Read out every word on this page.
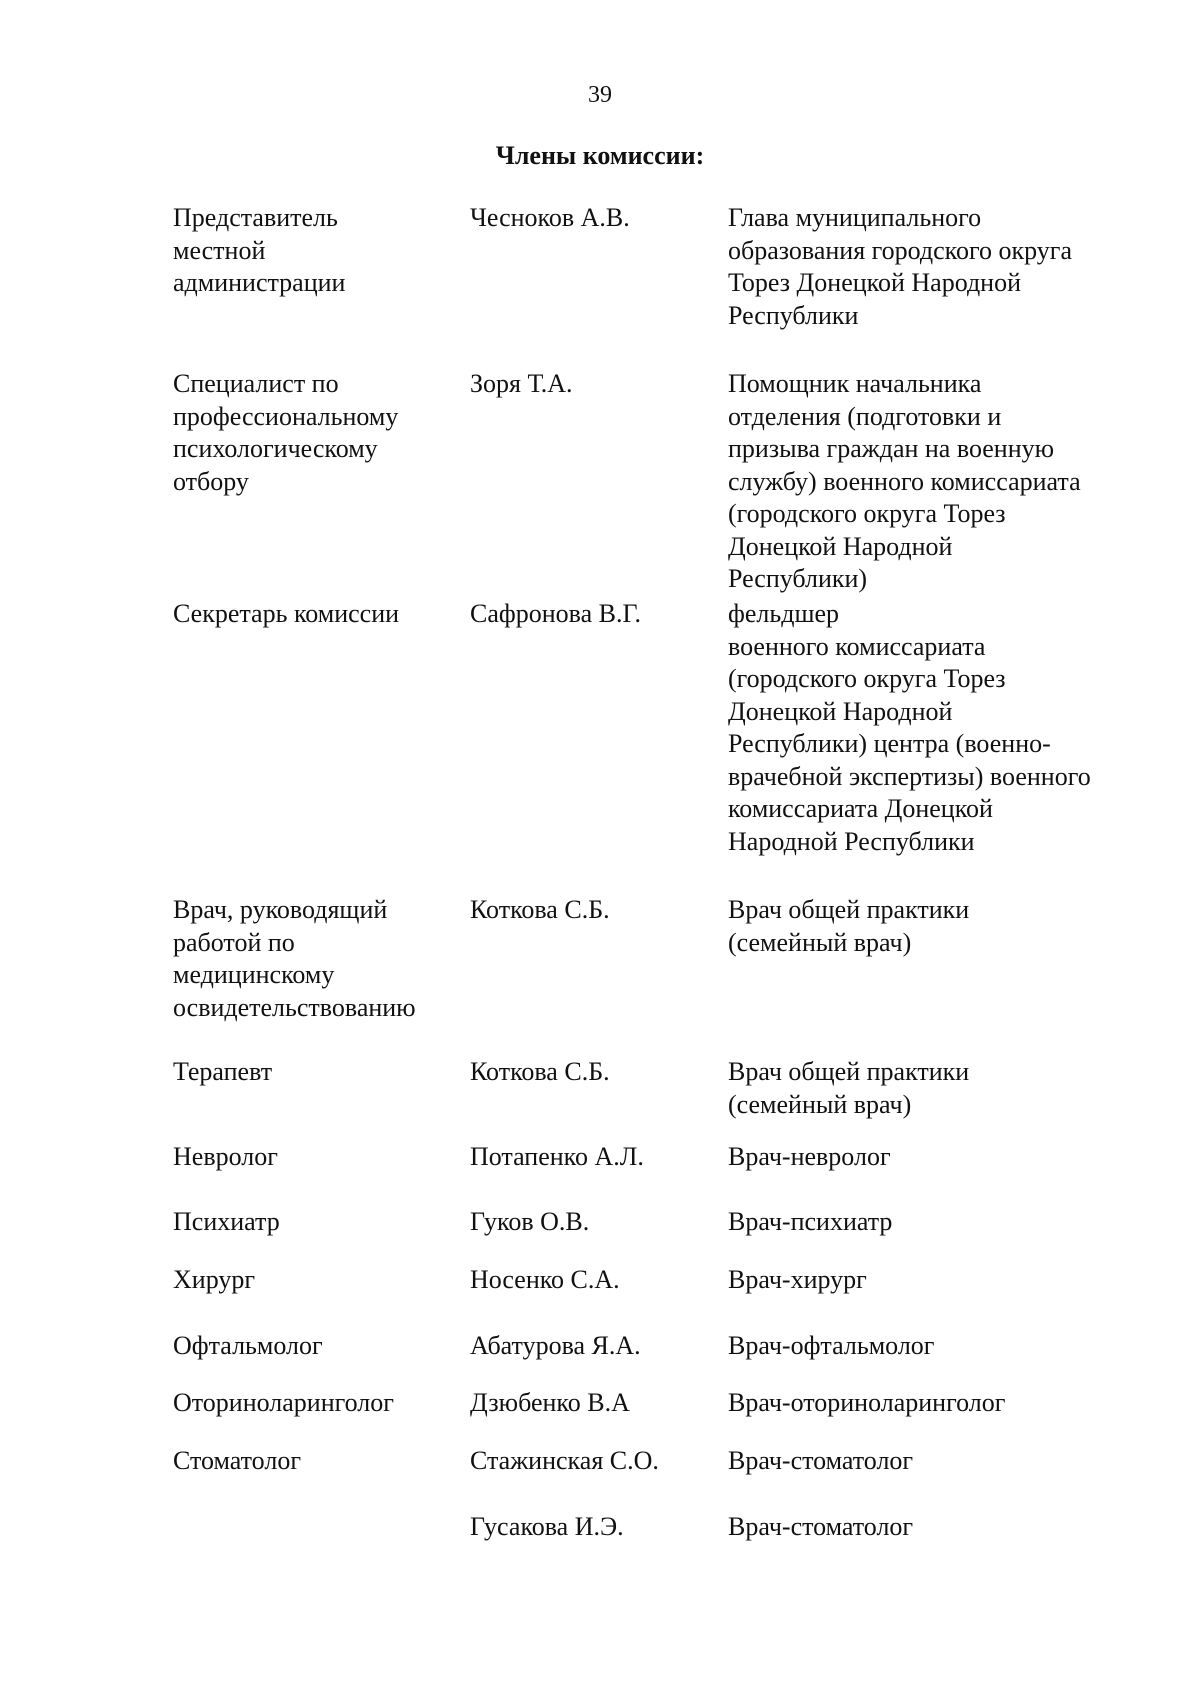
39
Члены комиссии:
Представитель
местной
администрации
Чесноков А.В.	Глава муниципального
образования городского округа
Торез Донецкой Народной
Республики
Специалист по
профессиональному
психологическому
отбору
Зоря Т.А.	Помощник начальника
отделения (подготовки и
призыва граждан на военную
службу) военного комиссариата
(городского округа Торез
Донецкой Народной
Республики)
Секретарь комиссии	Сафронова В.Г.	фельдшер
военного комиссариата
(городского округа Торез
Донецкой Народной
Республики) центра (военно-
врачебной экспертизы) военного
комиссариата Донецкой
Народной Республики
Врач, руководящий
работой по
медицинскому
освидетельствованию
Коткова С.Б.	Врач общей практики
(семейный врач)
Терапевт	Коткова С.Б.	Врач общей практики
(семейный врач)
Невролог	Потапенко А.Л.	Врач-невролог
Психиатр	Гуков О.В.	Врач-психиатр
Хирург	Носенко С.А.	Врач-хирург
Офтальмолог	Абатурова Я.А.	Врач-офтальмолог
Оториноларинголог	Дзюбенко В.А	Врач-оториноларинголог
Стоматолог	Стажинская С.О.	Врач-стоматолог
Гусакова И.Э.	Врач-стоматолог
